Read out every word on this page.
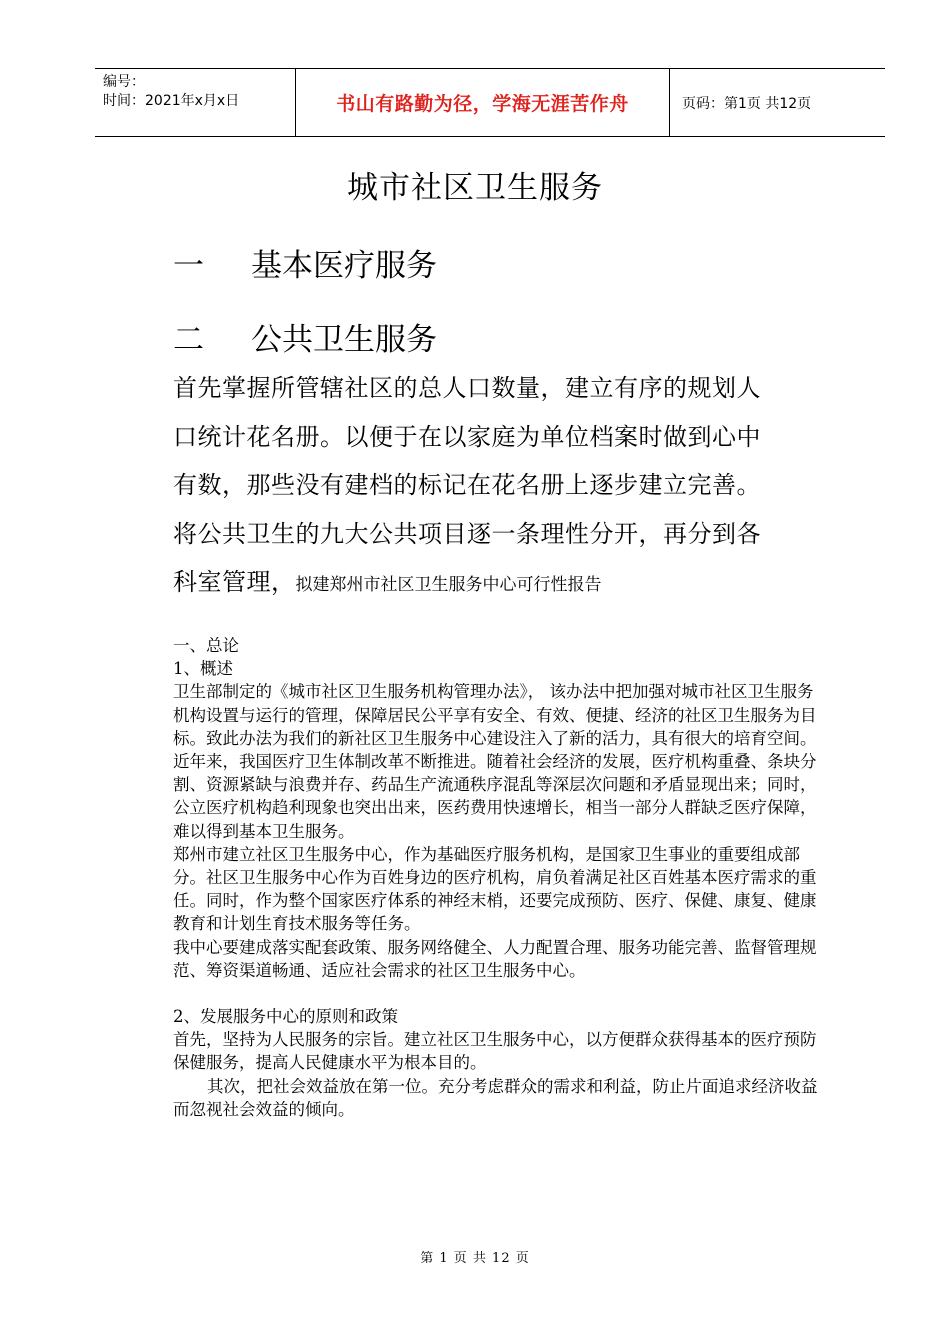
编号：
时间：2021年x月x日	书山有路勤为径，学海无涯苦作舟	页码：第1页 共12页
城市社区卫生服务
一 基本医疗服务
二 公共卫生服务
首先掌握所管辖社区的总人口数量，建立有序的规划人
口统计花名册。以便于在以家庭为单位档案时做到心中
有数，那些没有建档的标记在花名册上逐步建立完善。
将公共卫生的九大公共项目逐一条理性分开，再分到各
科室管理，拟建郑州市社区卫生服务中心可行性报告

一、总论

1、概述

卫生部制定的《城市社区卫生服务机构管理办法》， 该办法中把加强对城市社区卫生服务机构设置与运行的管理，保障居民公平享有安全、有效、便捷、经济的社区卫生服务为目标。致此办法为我们的新社区卫生服务中心建设注入了新的活力，具有很大的培育空间。

近年来，我国医疗卫生体制改革不断推进。随着社会经济的发展，医疗机构重叠、条块分割、资源紧缺与浪费并存、药品生产流通秩序混乱等深层次问题和矛盾显现出来；同时，公立医疗机构趋利现象也突出出来，医药费用快速增长，相当一部分人群缺乏医疗保障，难以得到基本卫生服务。

郑州市建立社区卫生服务中心，作为基础医疗服务机构，是国家卫生事业的重要组成部分。社区卫生服务中心作为百姓身边的医疗机构，肩负着满足社区百姓基本医疗需求的重任。同时，作为整个国家医疗体系的神经末梢，还要完成预防、医疗、保健、康复、健康教育和计划生育技术服务等任务。

我中心要建成落实配套政策、服务网络健全、人力配置合理、服务功能完善、监督管理规范、筹资渠道畅通、适应社会需求的社区卫生服务中心。

2、发展服务中心的原则和政策

首先，坚持为人民服务的宗旨。建立社区卫生服务中心，以方便群众获得基本的医疗预防保健服务，提高人民健康水平为根本目的。

其次，把社会效益放在第一位。充分考虑群众的需求和利益，防止片面追求经济收益而忽视社会效益的倾向。

第 1 页 共 12 页
